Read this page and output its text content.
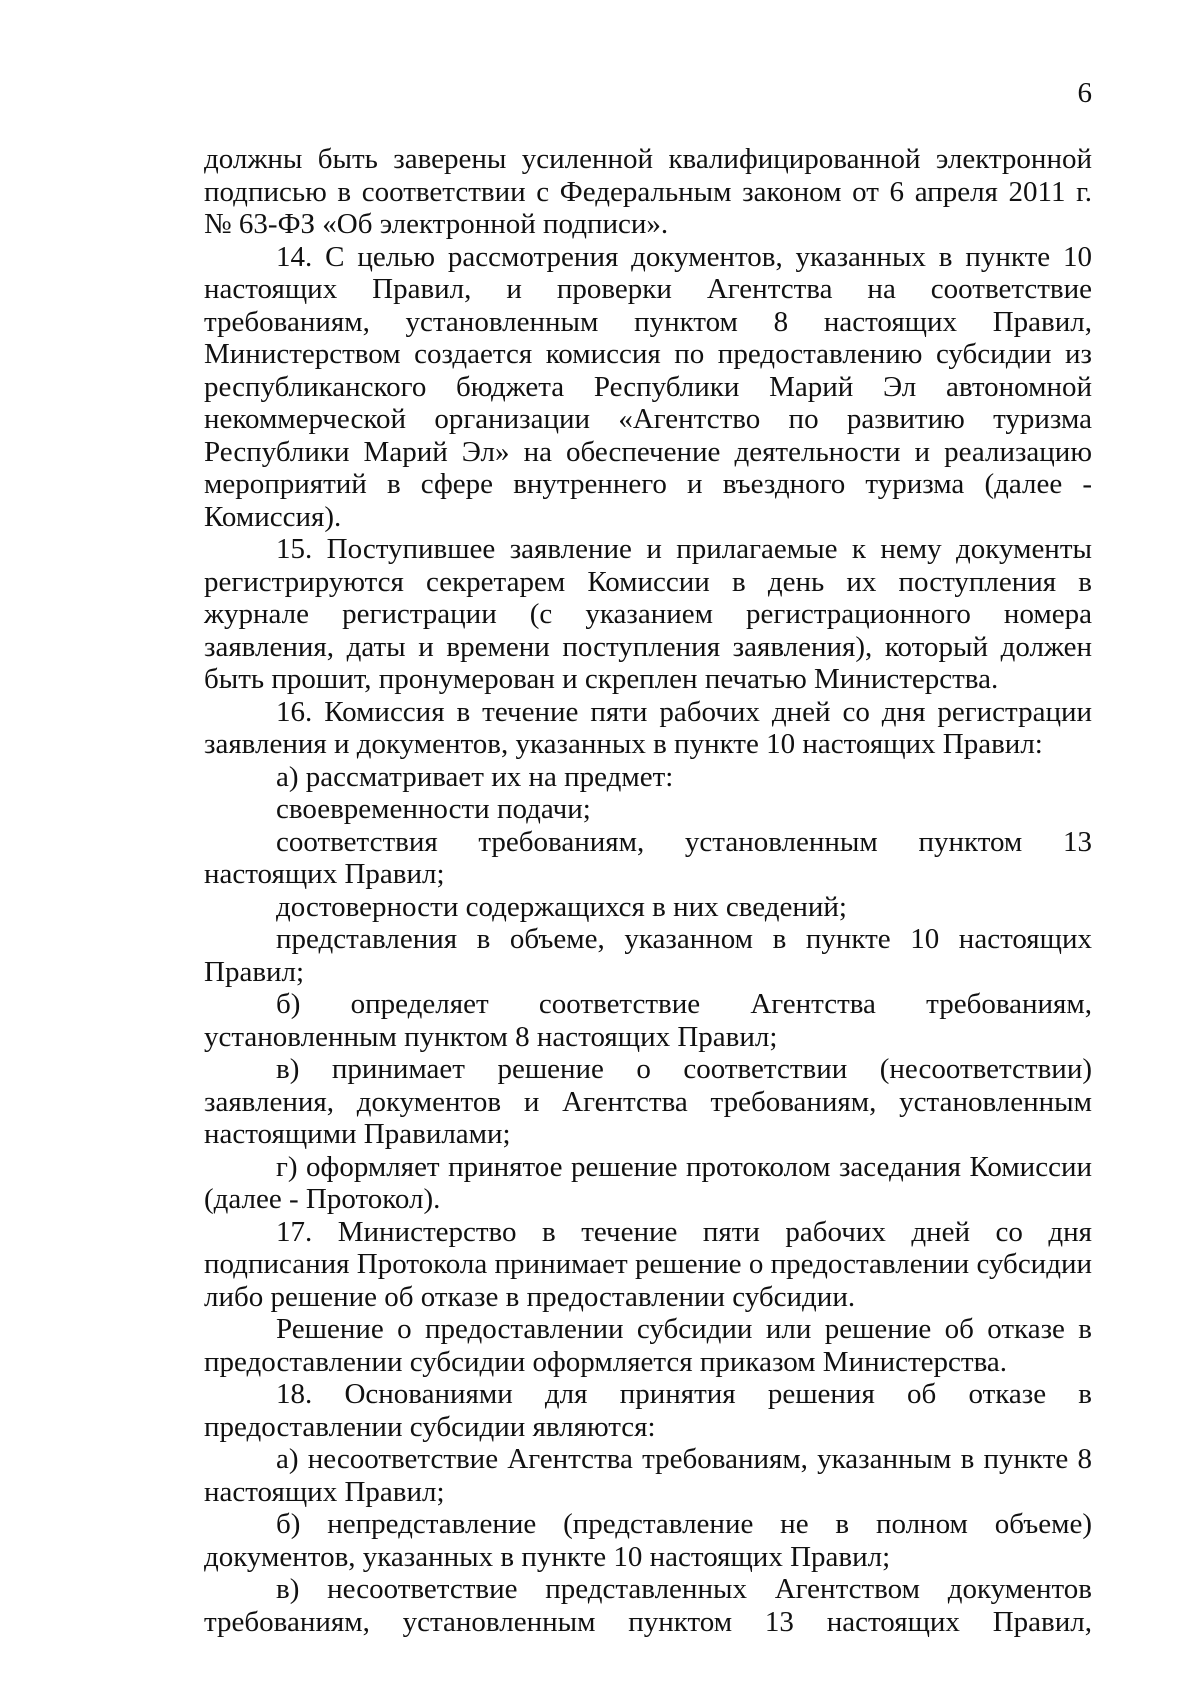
6

должны быть заверены усиленной квалифицированной электронной подписью в соответствии с Федеральным законом от 6 апреля 2011 г. № 63-ФЗ «Об электронной подписи».

14. С целью рассмотрения документов, указанных в пункте 10 настоящих Правил, и проверки Агентства на соответствие требованиям, установленным пунктом 8 настоящих Правил, Министерством создается комиссия по предоставлению субсидии из республиканского бюджета Республики Марий Эл автономной некоммерческой организации «Агентство по развитию туризма Республики Марий Эл» на обеспечение деятельности и реализацию мероприятий в сфере внутреннего и въездного туризма (далее - Комиссия).

15. Поступившее заявление и прилагаемые к нему документы регистрируются секретарем Комиссии в день их поступления в журнале регистрации (с указанием регистрационного номера заявления, даты и времени поступления заявления), который должен быть прошит, пронумерован и скреплен печатью Министерства.

16. Комиссия в течение пяти рабочих дней со дня регистрации заявления и документов, указанных в пункте 10 настоящих Правил:

а) рассматривает их на предмет:

своевременности подачи;

соответствия требованиям, установленным пунктом 13 настоящих Правил;

достоверности содержащихся в них сведений;

представления в объеме, указанном в пункте 10 настоящих Правил;

б) определяет соответствие Агентства требованиям, установленным пунктом 8 настоящих Правил;

в) принимает решение о соответствии (несоответствии) заявления, документов и Агентства требованиям, установленным настоящими Правилами;

г) оформляет принятое решение протоколом заседания Комиссии (далее - Протокол).

17. Министерство в течение пяти рабочих дней со дня подписания Протокола принимает решение о предоставлении субсидии либо решение об отказе в предоставлении субсидии.

Решение о предоставлении субсидии или решение об отказе в предоставлении субсидии оформляется приказом Министерства.

18. Основаниями для принятия решения об отказе в предоставлении субсидии являются:

а) несоответствие Агентства требованиям, указанным в пункте 8 настоящих Правил;

б) непредставление (представление не в полном объеме) документов, указанных в пункте 10 настоящих Правил;

в) несоответствие представленных Агентством документов требованиям, установленным пунктом 13 настоящих Правил,
